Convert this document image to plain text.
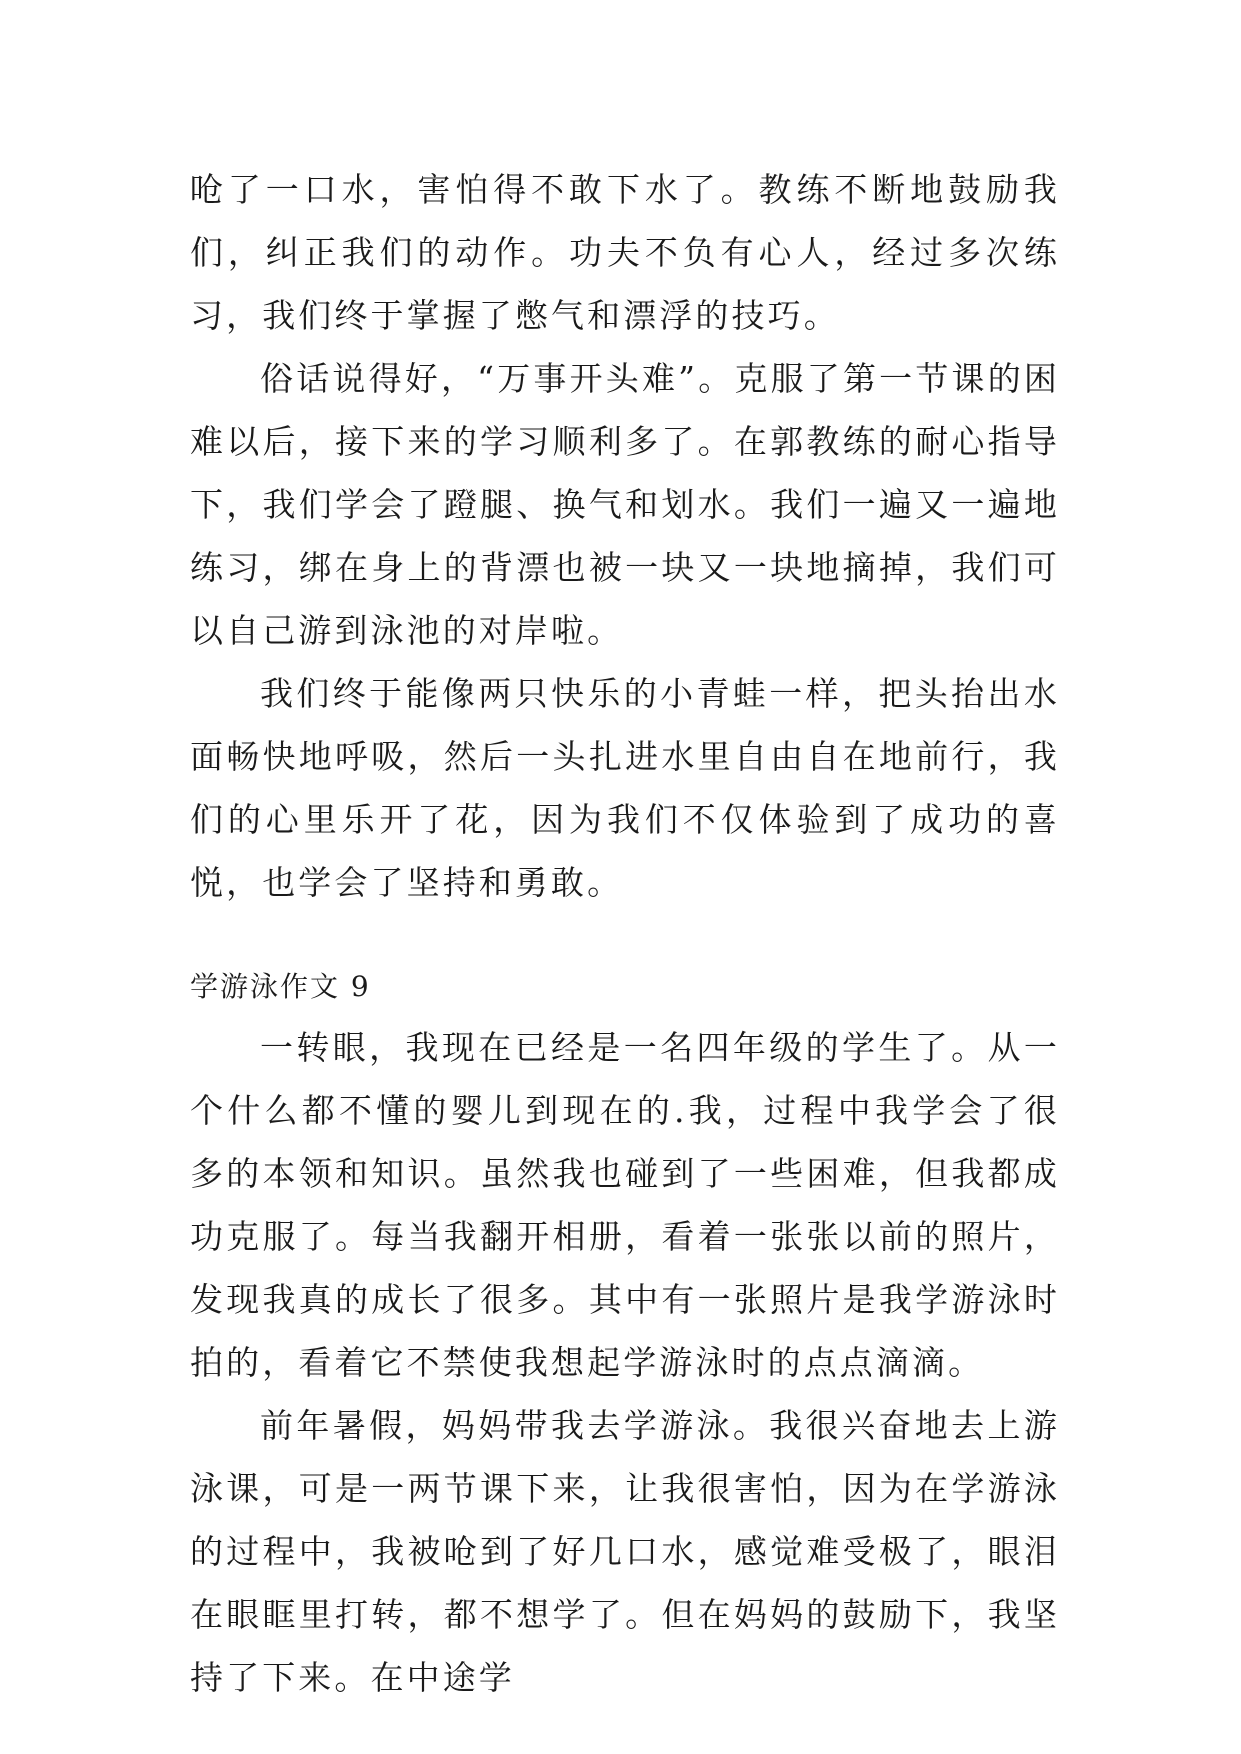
呛了一口水，害怕得不敢下水了。教练不断地鼓励我们，纠正我们的动作。功夫不负有心人，经过多次练习，我们终于掌握了憋气和漂浮的技巧。

俗话说得好，“万事开头难”。克服了第一节课的困难以后，接下来的学习顺利多了。在郭教练的耐心指导下，我们学会了蹬腿、换气和划水。我们一遍又一遍地练习，绑在身上的背漂也被一块又一块地摘掉，我们可以自己游到泳池的对岸啦。

我们终于能像两只快乐的小青蛙一样，把头抬出水面畅快地呼吸，然后一头扎进水里自由自在地前行，我们的心里乐开了花，因为我们不仅体验到了成功的喜悦，也学会了坚持和勇敢。

学游泳作文 9

一转眼，我现在已经是一名四年级的学生了。从一个什么都不懂的婴儿到现在的.我，过程中我学会了很多的本领和知识。虽然我也碰到了一些困难，但我都成功克服了。每当我翻开相册，看着一张张以前的照片，发现我真的成长了很多。其中有一张照片是我学游泳时拍的，看着它不禁使我想起学游泳时的点点滴滴。

前年暑假，妈妈带我去学游泳。我很兴奋地去上游泳课，可是一两节课下来，让我很害怕，因为在学游泳的过程中，我被呛到了好几口水，感觉难受极了，眼泪在眼眶里打转，都不想学了。但在妈妈的鼓励下，我坚持了下来。在中途学
